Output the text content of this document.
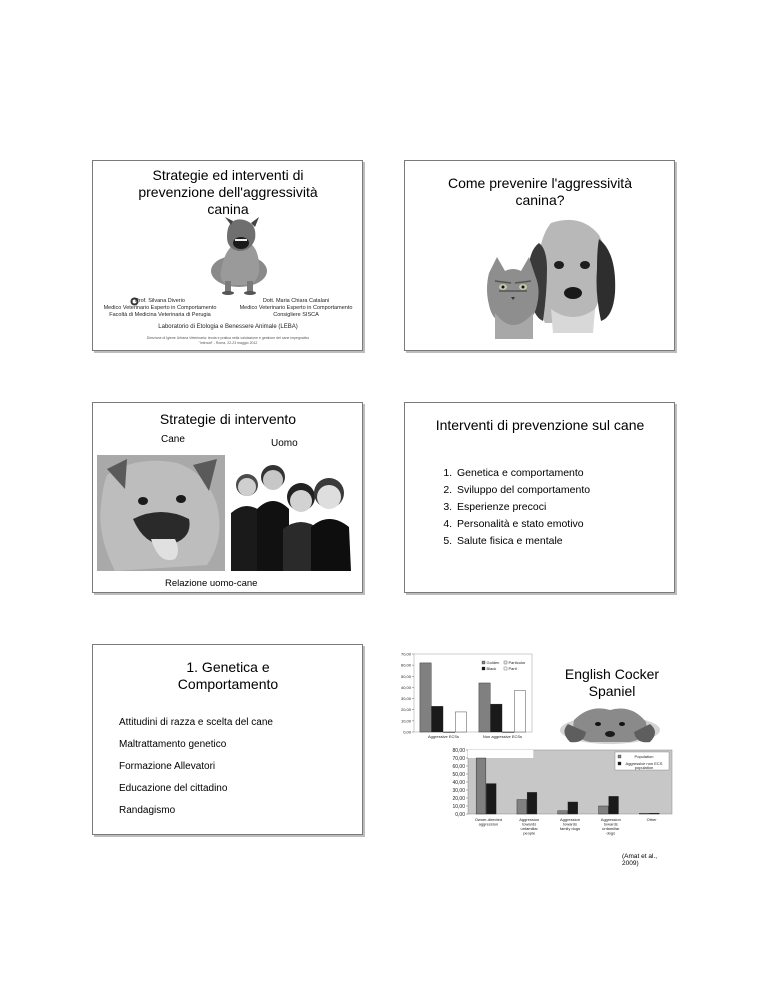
Strategie ed interventi di prevenzione dell'aggressività canina
Prof. Silvana Diverio
Medico Veterinario Esperto in Comportamento
Facoltà di Medicina Veterinaria di Perugia
Dott. Maria Chiara Catalani
Medico Veterinario Esperto in Comportamento
Consigliere SISCA
Laboratorio di Etologia e Benessere Animale (LEBA)
Direzione di Igiene Urbana Veterinaria: teoria e pratica nella valutazione e gestione del cane impegnativo
"Intercaf" - Roma, 22-23 maggio 2012
Come prevenire l'aggressività canina?
Strategie di intervento
Cane	Uomo
Relazione uomo-cane
Interventi di prevenzione sul cane
1. Genetica e comportamento
2. Sviluppo del comportamento
3. Esperienze precoci
4. Personalità e stato emotivo
5. Salute fisica e mentale
1. Genetica e Comportamento
Attitudini di razza e scelta del cane
Maltrattamento genetico
Formazione Allevatori
Educazione del cittadino
Randagismo
English Cocker Spaniel
0,00
10,00
20,00
30,00
40,00
50,00
60,00
70,00
Aggressive ECSs	Non aggressive ECSs
Golden Particolor
Black	Parti
0,00
10,00
20,00
30,00
40,00
50,00
60,00
70,00
80,00
Owner-directed aggression
Aggression towards unfamiliar people
Aggression towards family dogs
Aggression towards unfamiliar dogs
Other
Population
Aggressive non ECS population
(Amat et al., 2009)
